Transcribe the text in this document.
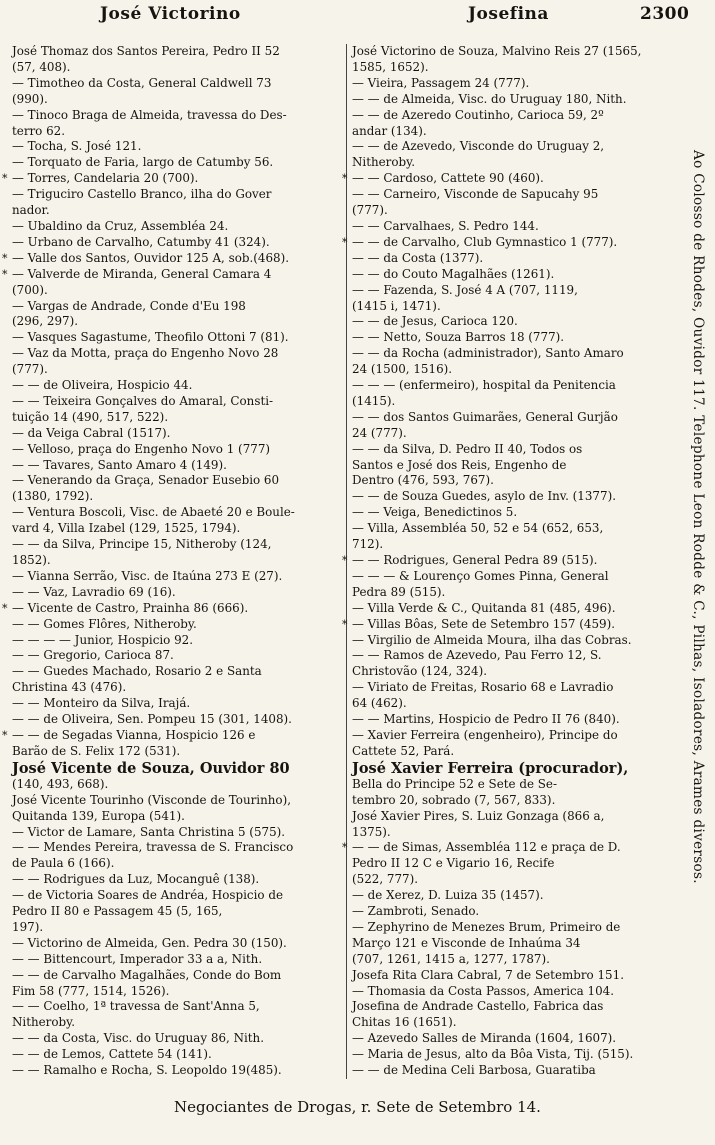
José Victorino	Josefina	2300
José Thomaz dos Santos Pereira, Pedro II 52
(57, 408).
— Timotheo da Costa, General Caldwell 73
(990).
— Tinoco Braga de Almeida, travessa do Des-
terro 62.
— Tocha, S. José 121.
— Torquato de Faria, largo de Catumby 56.
* — Torres, Candelaria 20 (700).
— Triguciro Castello Branco, ilha do Gover
nador.
— Ubaldino da Cruz, Assembléa 24.
— Urbano de Carvalho, Catumby 41 (324).
* — Valle dos Santos, Ouvidor 125 A, sob.(468).
* — Valverde de Miranda, General Camara 4
(700).
— Vargas de Andrade, Conde d'Eu 198
(296, 297).
— Vasques Sagastume, Theofilo Ottoni 7 (81).
— Vaz da Motta, praça do Engenho Novo 28
(777).
— — de Oliveira, Hospicio 44.
— — Teixeira Gonçalves do Amaral, Consti-
tuição 14 (490, 517, 522).
— da Veiga Cabral (1517).
— Velloso, praça do Engenho Novo 1 (777)
— — Tavares, Santo Amaro 4 (149).
— Venerando da Graça, Senador Eusebio 60
(1380, 1792).
— Ventura Boscoli, Visc. de Abaeté 20 e Boule-
vard 4, Villa Izabel (129, 1525, 1794).
— — da Silva, Principe 15, Nitheroby (124,
1852).
— Vianna Serrão, Visc. de Itaúna 273 E (27).
— — Vaz, Lavradio 69 (16).
* — Vicente de Castro, Prainha 86 (666).
— — Gomes Flôres, Nitheroby.
— — — — Junior, Hospicio 92.
— — Gregorio, Carioca 87.
— — Guedes Machado, Rosario 2 e Santa
Christina 43 (476).
— — Monteiro da Silva, Irajá.
— — de Oliveira, Sen. Pompeu 15 (301, 1408).
* — — de Segadas Vianna, Hospicio 126 e
Barão de S. Felix 172 (531).
José Vicente de Souza, Ouvidor 80
(140, 493, 668).
José Vicente Tourinho (Visconde de Tourinho),
Quitanda 139, Europa (541).
— Victor de Lamare, Santa Christina 5 (575).
— — Mendes Pereira, travessa de S. Francisco
de Paula 6 (166).
— — Rodrigues da Luz, Mocanguê (138).
— de Victoria Soares de Andréa, Hospicio de
Pedro II 80 e Passagem 45 (5, 165,
197).
— Victorino de Almeida, Gen. Pedra 30 (150).
— — Bittencourt, Imperador 33 a a, Nith.
— — de Carvalho Magalhães, Conde do Bom
Fim 58 (777, 1514, 1526).
— — Coelho, 1ª travessa de Sant'Anna 5,
Nitheroby.
— — da Costa, Visc. do Uruguay 86, Nith.
— — de Lemos, Cattete 54 (141).
— — Ramalho e Rocha, S. Leopoldo 19(485).
José Victorino de Souza, Malvino Reis 27 (1565,
1585, 1652).
— Vieira, Passagem 24 (777).
— — de Almeida, Visc. do Uruguay 180, Nith.
— — de Azeredo Coutinho, Carioca 59, 2º
andar (134).
— — de Azevedo, Visconde do Uruguay 2,
Nitheroby.
* — — Cardoso, Cattete 90 (460).
— — Carneiro, Visconde de Sapucahy 95
(777).
— — Carvalhaes, S. Pedro 144.
* — — de Carvalho, Club Gymnastico 1 (777).
— — da Costa (1377).
— — do Couto Magalhães (1261).
— — Fazenda, S. José 4 A (707, 1119,
(1415 i, 1471).
— — de Jesus, Carioca 120.
— — Netto, Souza Barros 18 (777).
— — da Rocha (administrador), Santo Amaro
24 (1500, 1516).
— — — (enfermeiro), hospital da Penitencia
(1415).
— — dos Santos Guimarães, General Gurjão
24 (777).
— — da Silva, D. Pedro II 40, Todos os
Santos e José dos Reis, Engenho de
Dentro (476, 593, 767).
— — de Souza Guedes, asylo de Inv. (1377).
— — Veiga, Benedictinos 5.
— Villa, Assembléa 50, 52 e 54 (652, 653,
712).
* — — Rodrigues, General Pedra 89 (515).
— — — & Lourenço Gomes Pinna, General
Pedra 89 (515).
— Villa Verde & C., Quitanda 81 (485, 496).
* — Villas Bôas, Sete de Setembro 157 (459).
— Virgilio de Almeida Moura, ilha das Cobras.
— — Ramos de Azevedo, Pau Ferro 12, S.
Christovão (124, 324).
— Viriato de Freitas, Rosario 68 e Lavradio
64 (462).
— — Martins, Hospicio de Pedro II 76 (840).
— Xavier Ferreira (engenheiro), Principe do
Cattete 52, Pará.
José Xavier Ferreira (procurador),
Bella do Principe 52 e Sete de Se-
tembro 20, sobrado (7, 567, 833).
José Xavier Pires, S. Luiz Gonzaga (866 a,
1375).
* — — de Simas, Assembléa 112 e praça de D.
Pedro II 12 C e Vigario 16, Recife
(522, 777).
— de Xerez, D. Luiza 35 (1457).
— Zambroti, Senado.
— Zephyrino de Menezes Brum, Primeiro de
Março 121 e Visconde de Inhaúma 34
(707, 1261, 1415 a, 1277, 1787).
Josefa Rita Clara Cabral, 7 de Setembro 151.
— Thomasia da Costa Passos, America 104.
Josefina de Andrade Castello, Fabrica das
Chitas 16 (1651).
— Azevedo Salles de Miranda (1604, 1607).
— Maria de Jesus, alto da Bôa Vista, Tij. (515).
— — de Medina Celi Barbosa, Guaratiba
Ao Colosso de Rhodes, Ouvidor 117. Telephone Leon Rodde & C., Pilhas, Isoladores, Arames diversos.
Negociantes de Drogas, r. Sete de Setembro 14.
